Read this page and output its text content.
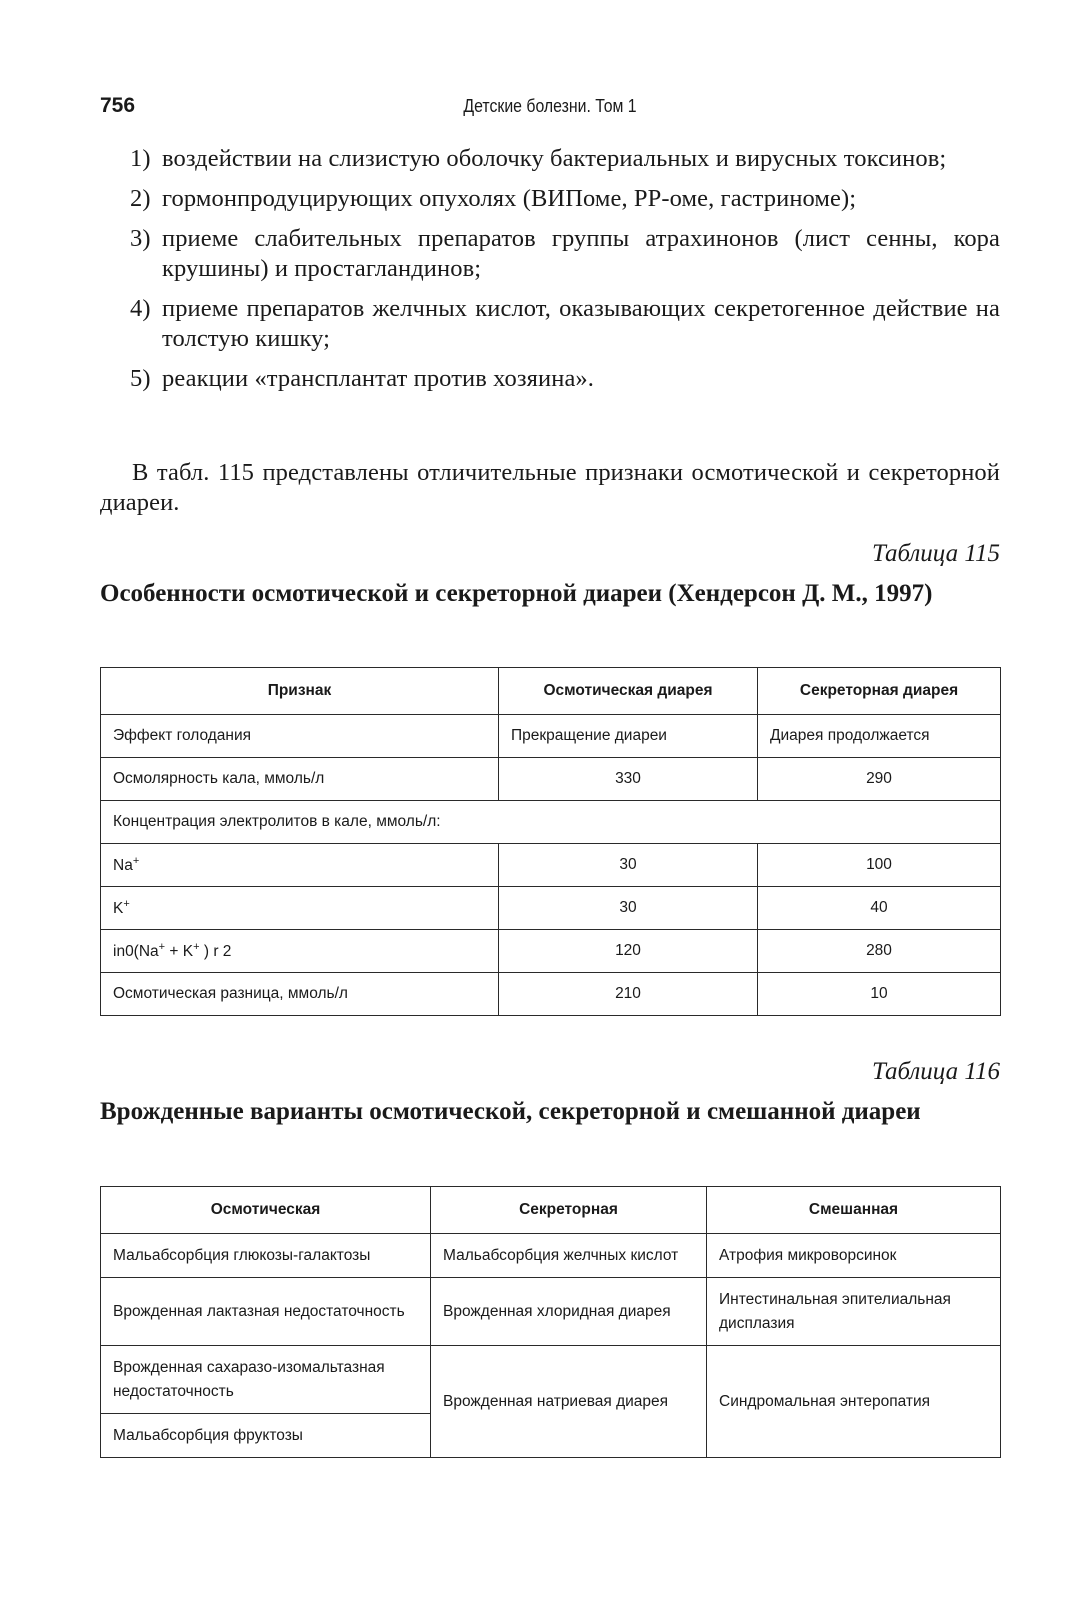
756	Детские болезни. Том 1
1) воздействии на слизистую оболочку бактериальных и вирусных токсинов;
2) гормонпродуцирующих опухолях (ВИПоме, РР-оме, гастриноме);
3) приеме слабительных препаратов группы атрахинонов (лист сенны, кора крушины) и простагландинов;
4) приеме препаратов желчных кислот, оказывающих секретогенное действие на толстую кишку;
5) реакции «трансплантат против хозяина».

В табл. 115 представлены отличительные признаки осмотической и секреторной диареи.

Таблица 115

Особенности осмотической и секреторной диареи (Хендерсон Д. М., 1997)

Признак	Осмотическая диарея	Секреторная диарея
Эффект голодания	Прекращение диареи	Диарея продолжается
Осмолярность кала, ммоль/л	330	290
Концентрация электролитов в кале, ммоль/л:		
Na+	30	100
K+	30	40
in0(Na+ + K+ ) r 2	120	280
Осмотическая разница, ммоль/л	210	10
Таблица 116

Врожденные варианты осмотической, секреторной и смешанной диареи

Осмотическая	Секреторная	Смешанная
Мальабсорбция глюкозы-галактозы	Мальабсорбция желчных кислот	Атрофия микроворсинок
Врожденная лактазная недостаточность	Врожденная хлоридная диарея	Интестинальная эпителиальная дисплазия
Врожденная сахаразо-изомальтазная недостаточность	Врожденная натриевая диарея	Синдромальная энтеропатия
Мальабсорбция фруктозы		
